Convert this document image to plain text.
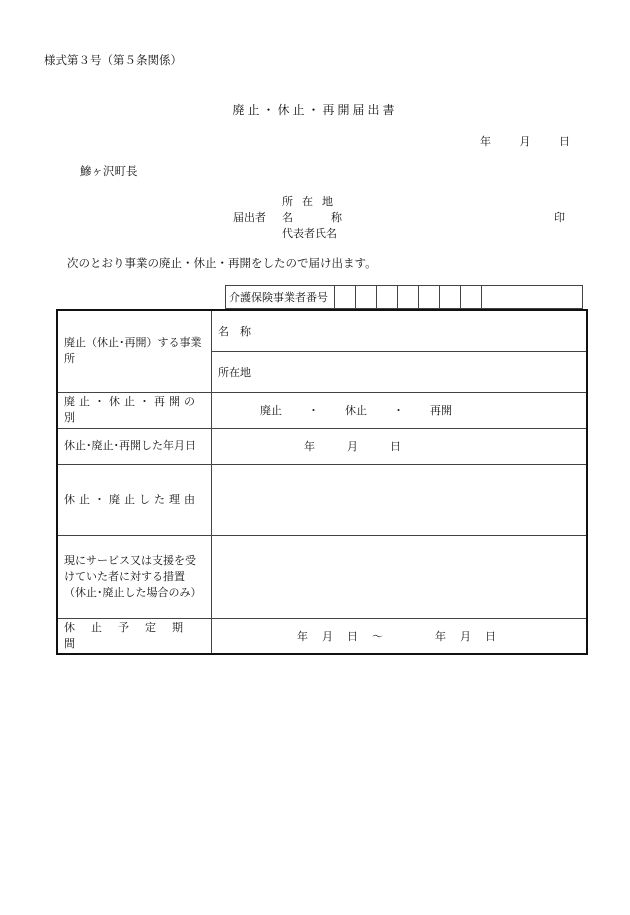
様式第３号（第５条関係）
廃止・休止・再開届出書
年	月	日
鰺ヶ沢町長
所在地
届出者 名	称
代表者氏名
印
次のとおり事業の廃止・休止・再開をしたので届け出ます。
介護保険事業者番号								
廃止（休止･再開）する事業所	名　称
	所在地
廃止・休止・再開の別	廃止 ・ 休止 ・ 再開
休止･廃止･再開した年月日	年 月 日
休止・廃止した理由	
現にサービス又は支援を受けていた者に対する措置（休止･廃止した場合のみ）	
休止予定期間	年 月 日 ～ 年 月 日
